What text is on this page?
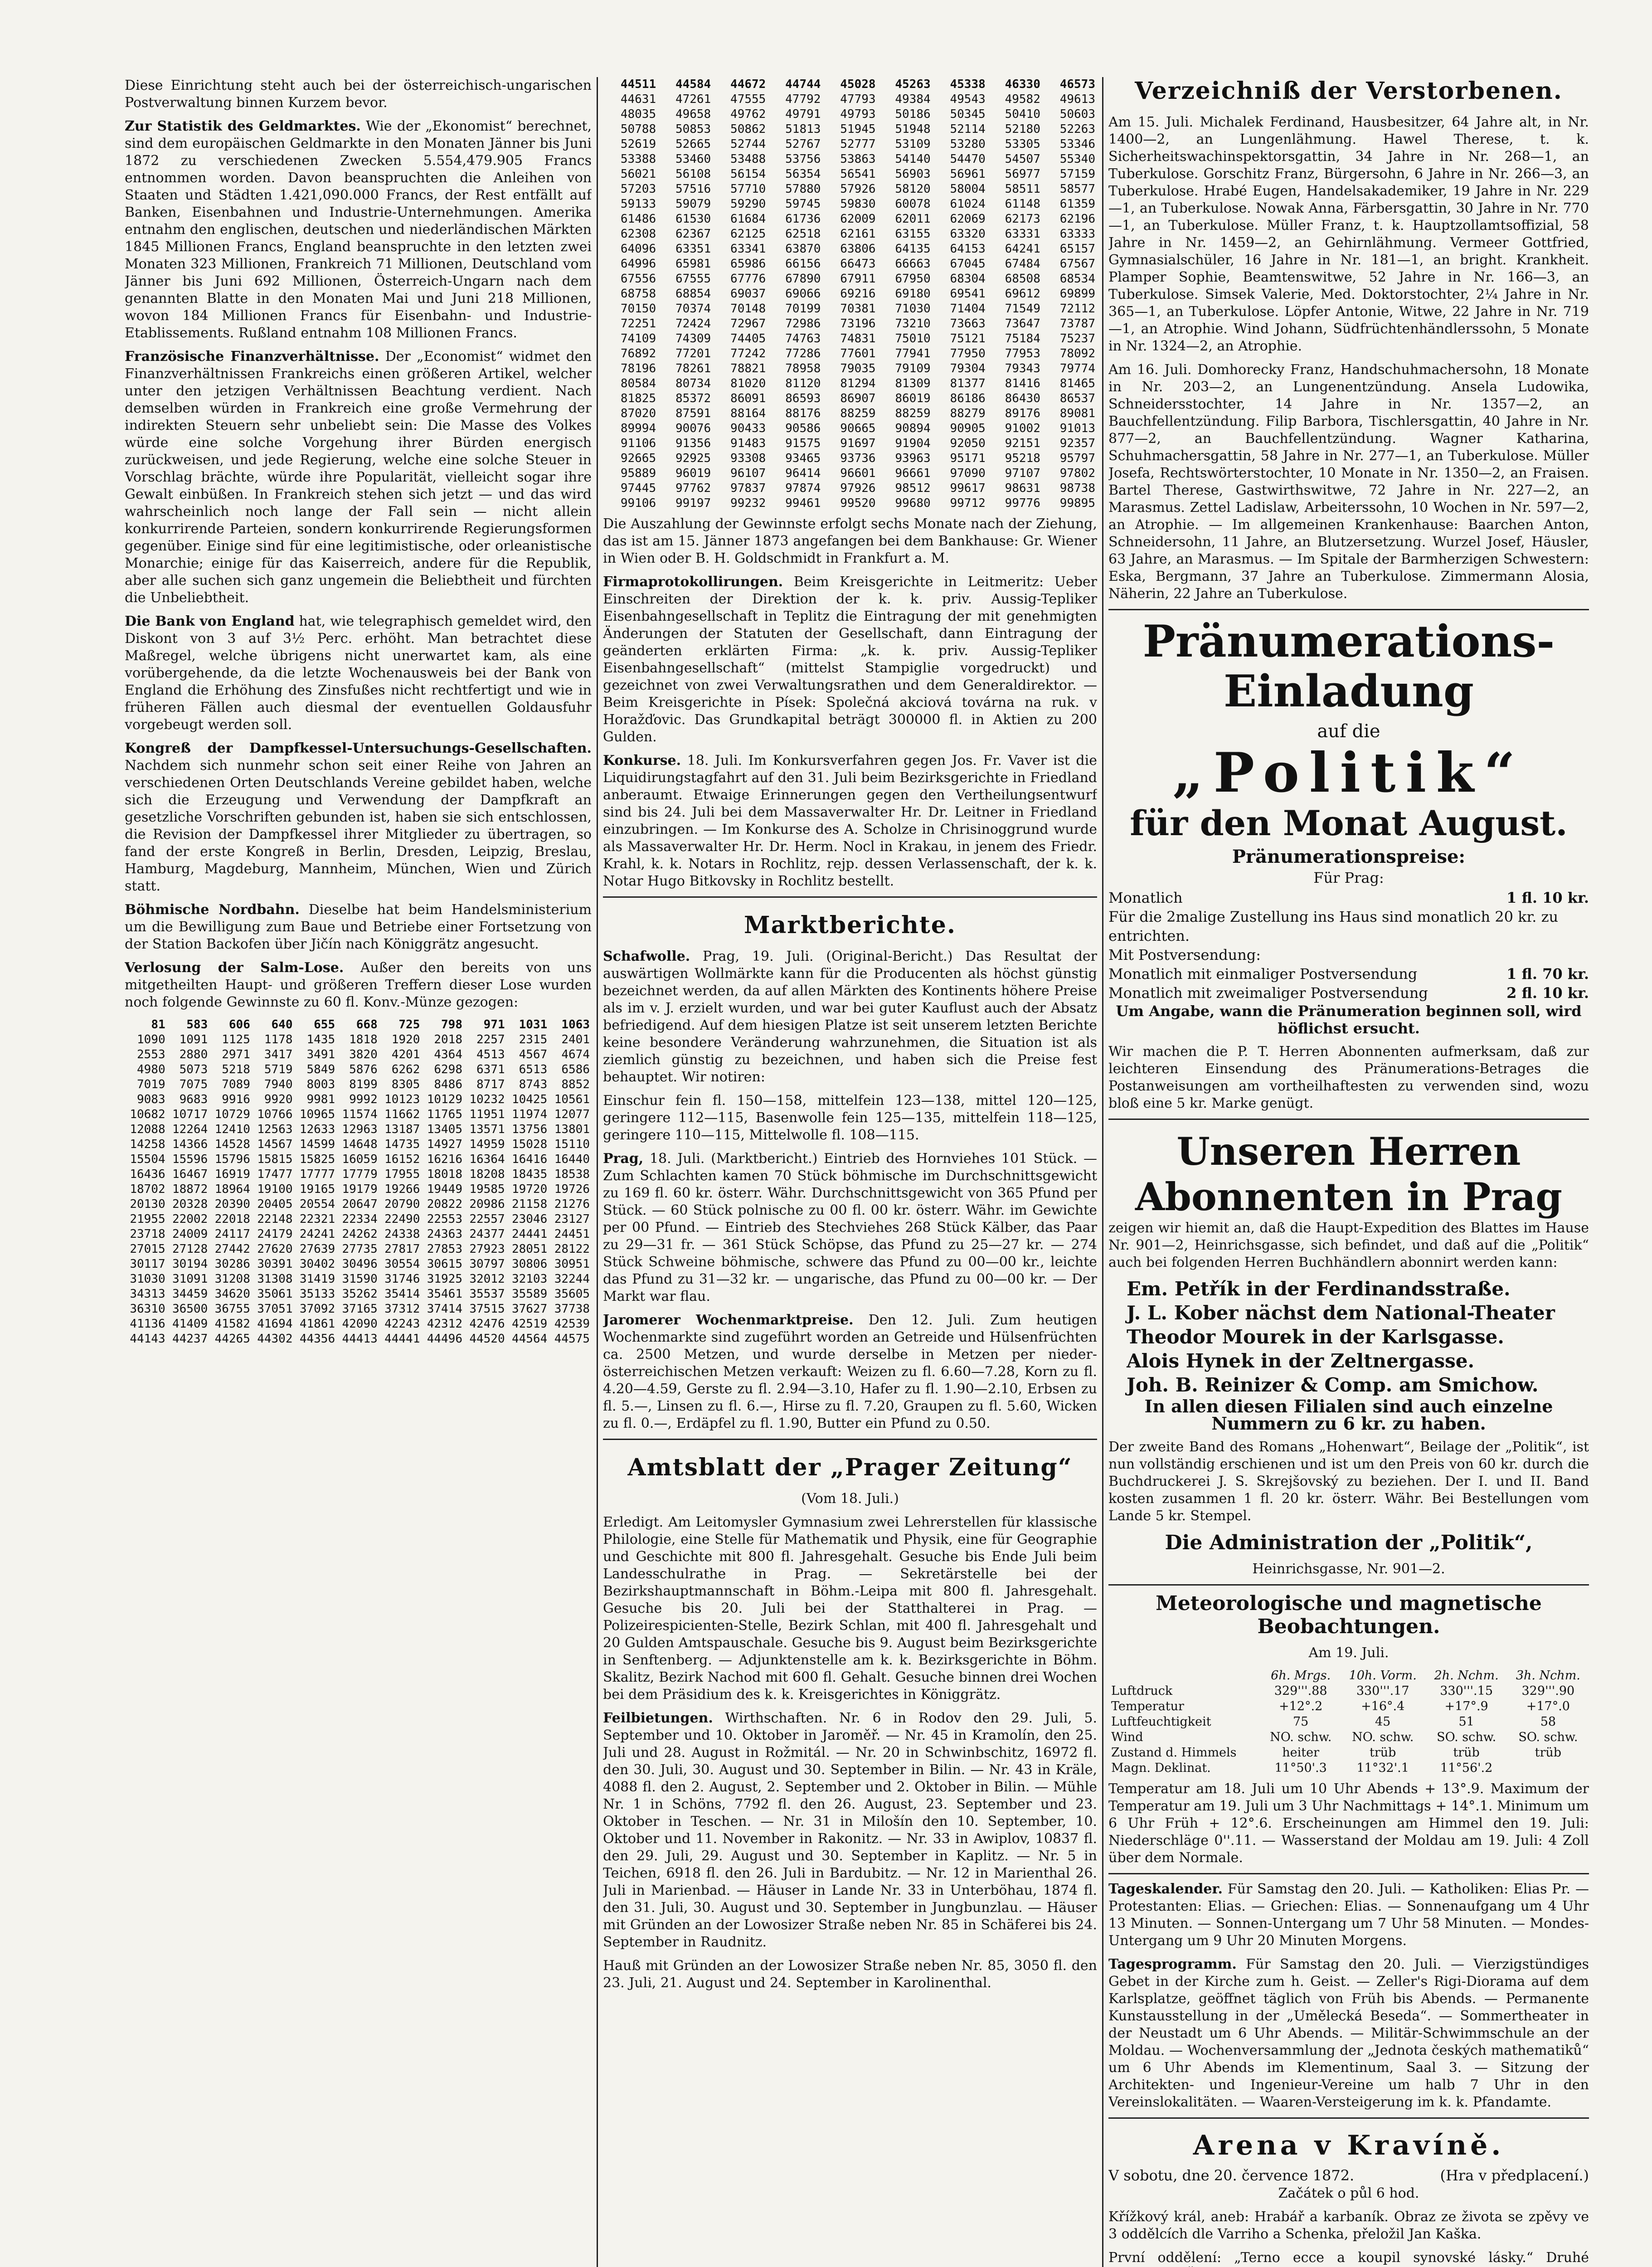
Diese Einrichtung steht auch bei der österreichisch-ungarischen Postverwaltung binnen Kurzem bevor.

Zur Statistik des Geldmarktes. Wie der „Ekonomist“ berechnet, sind dem europäischen Geldmarkte in den Monaten Jänner bis Juni 1872 zu verschiedenen Zwecken 5.554,479.905 Francs entnommen worden. Davon beanspruchten die Anleihen von Staaten und Städten 1.421,090.000 Francs, der Rest entfällt auf Banken, Eisenbahnen und Industrie-Unternehmungen. Amerika entnahm den englischen, deutschen und niederländischen Märkten 1845 Millionen Francs, England beanspruchte in den letzten zwei Monaten 323 Millionen, Frankreich 71 Millionen, Deutschland vom Jänner bis Juni 692 Millionen, Österreich-Ungarn nach dem genannten Blatte in den Monaten Mai und Juni 218 Millionen, wovon 184 Millionen Francs für Eisenbahn- und Industrie-Etablissements. Rußland entnahm 108 Millionen Francs.

Französische Finanzverhältnisse. Der „Economist“ widmet den Finanzverhältnissen Frankreichs einen größeren Artikel, welcher unter den jetzigen Verhältnissen Beachtung verdient. Nach demselben würden in Frankreich eine große Vermehrung der indirekten Steuern sehr unbeliebt sein: Die Masse des Volkes würde eine solche Vorgehung ihrer Bürden energisch zurückweisen, und jede Regierung, welche eine solche Steuer in Vorschlag brächte, würde ihre Popularität, vielleicht sogar ihre Gewalt einbüßen. In Frankreich stehen sich jetzt — und das wird wahrscheinlich noch lange der Fall sein — nicht allein konkurrirende Parteien, sondern konkurrirende Regierungsformen gegenüber. Einige sind für eine legitimistische, oder orleanistische Monarchie; einige für das Kaiserreich, andere für die Republik, aber alle suchen sich ganz ungemein die Beliebtheit und fürchten die Unbeliebtheit.

Die Bank von England hat, wie telegraphisch gemeldet wird, den Diskont von 3 auf 3½ Perc. erhöht. Man betrachtet diese Maßregel, welche übrigens nicht unerwartet kam, als eine vorübergehende, da die letzte Wochenausweis bei der Bank von England die Erhöhung des Zinsfußes nicht rechtfertigt und wie in früheren Fällen auch diesmal der eventuellen Goldausfuhr vorgebeugt werden soll.

Kongreß der Dampfkessel-Untersuchungs-Gesellschaften. Nachdem sich nunmehr schon seit einer Reihe von Jahren an verschiedenen Orten Deutschlands Vereine gebildet haben, welche sich die Erzeugung und Verwendung der Dampfkraft an gesetzliche Vorschriften gebunden ist, haben sie sich entschlossen, die Revision der Dampfkessel ihrer Mitglieder zu übertragen, so fand der erste Kongreß in Berlin, Dresden, Leipzig, Breslau, Hamburg, Magdeburg, Mannheim, München, Wien und Zürich statt.

Böhmische Nordbahn. Dieselbe hat beim Handelsministerium um die Bewilligung zum Baue und Betriebe einer Fortsetzung von der Station Backofen über Jičín nach Königgrätz angesucht.

Verlosung der Salm-Lose. Außer den bereits von uns mitgetheilten Haupt- und größeren Treffern dieser Lose wurden noch folgende Gewinnste zu 60 fl. Konv.-Münze gezogen:

81	583	606	640	655	668	725	798	971	1031	1063
1090	1091	1125	1178	1435	1818	1920	2018	2257	2315	2401
2553	2880	2971	3417	3491	3820	4201	4364	4513	4567	4674
4980	5073	5218	5719	5849	5876	6262	6298	6371	6513	6586
7019	7075	7089	7940	8003	8199	8305	8486	8717	8743	8852
9083	9683	9916	9920	9981	9992	10123	10129	10232	10425	10561
10682	10717	10729	10766	10965	11574	11662	11765	11951	11974	12077
12088	12264	12410	12563	12633	12963	13187	13405	13571	13756	13801
14258	14366	14528	14567	14599	14648	14735	14927	14959	15028	15110
15504	15596	15796	15815	15825	16059	16152	16216	16364	16416	16440
16436	16467	16919	17477	17777	17779	17955	18018	18208	18435	18538
18702	18872	18964	19100	19165	19179	19266	19449	19585	19720	19726
20130	20328	20390	20405	20554	20647	20790	20822	20986	21158	21276
21955	22002	22018	22148	22321	22334	22490	22553	22557	23046	23127
23718	24009	24117	24179	24241	24262	24338	24363	24377	24441	24451
27015	27128	27442	27620	27639	27735	27817	27853	27923	28051	28122
30117	30194	30286	30391	30402	30496	30554	30615	30797	30806	30951
31030	31091	31208	31308	31419	31590	31746	31925	32012	32103	32244
34313	34459	34620	35061	35133	35262	35414	35461	35537	35589	35605
36310	36500	36755	37051	37092	37165	37312	37414	37515	37627	37738
41136	41409	41582	41694	41861	42090	42243	42312	42476	42519	42539
44143	44237	44265	44302	44356	44413	44441	44496	44520	44564	44575
44511	44584	44672	44744	45028	45263	45338	46330	46573
44631	47261	47555	47792	47793	49384	49543	49582	49613
48035	49658	49762	49791	49793	50186	50345	50410	50603
50788	50853	50862	51813	51945	51948	52114	52180	52263
52619	52665	52744	52767	52777	53109	53280	53305	53346
53388	53460	53488	53756	53863	54140	54470	54507	55340
56021	56108	56154	56354	56541	56903	56961	56977	57159
57203	57516	57710	57880	57926	58120	58004	58511	58577
59133	59079	59290	59745	59830	60078	61024	61148	61359
61486	61530	61684	61736	62009	62011	62069	62173	62196
62308	62367	62125	62518	62161	63155	63320	63331	63333
64096	63351	63341	63870	63806	64135	64153	64241	65157
64996	65981	65986	66156	66473	66663	67045	67484	67567
67556	67555	67776	67890	67911	67950	68304	68508	68534
68758	68854	69037	69066	69216	69180	69541	69612	69899
70150	70374	70148	70199	70381	71030	71404	71549	72112
72251	72424	72967	72986	73196	73210	73663	73647	73787
74109	74309	74405	74763	74831	75010	75121	75184	75237
76892	77201	77242	77286	77601	77941	77950	77953	78092
78196	78261	78821	78958	79035	79109	79304	79343	79774
80584	80734	81020	81120	81294	81309	81377	81416	81465
81825	85372	86091	86593	86907	86019	86186	86430	86537
87020	87591	88164	88176	88259	88259	88279	89176	89081
89994	90076	90433	90586	90665	90894	90905	91002	91013
91106	91356	91483	91575	91697	91904	92050	92151	92357
92665	92925	93308	93465	93736	93963	95171	95218	95797
95889	96019	96107	96414	96601	96661	97090	97107	97802
97445	97762	97837	97874	97926	98512	99617	98631	98738
99106	99197	99232	99461	99520	99680	99712	99776	99895

Die Auszahlung der Gewinnste erfolgt sechs Monate nach der Ziehung, das ist am 15. Jänner 1873 angefangen bei dem Bankhause: Gr. Wiener in Wien oder B. H. Goldschmidt in Frankfurt a. M.

Firmaprotokollirungen. Beim Kreisgerichte in Leitmeritz: Ueber Einschreiten der Direktion der k. k. priv. Aussig-Tepliker Eisenbahngesellschaft in Teplitz die Eintragung der mit genehmigten Änderungen der Statuten der Gesellschaft, dann Eintragung der geänderten erklärten Firma: „k. k. priv. Aussig-Tepliker Eisenbahngesellschaft“ (mittelst Stampiglie vorgedruckt) und gezeichnet von zwei Verwaltungsrathen und dem Generaldirektor. — Beim Kreisgerichte in Písek: Společná akciová továrna na ruk. v Horažďovic. Das Grundkapital beträgt 300000 fl. in Aktien zu 200 Gulden.

Konkurse. 18. Juli. Im Konkursverfahren gegen Jos. Fr. Vaver ist die Liquidirungstagfahrt auf den 31. Juli beim Bezirksgerichte in Friedland anberaumt. Etwaige Erinnerungen gegen den Vertheilungsentwurf sind bis 24. Juli bei dem Massaverwalter Hr. Dr. Leitner in Friedland einzubringen. — Im Konkurse des A. Scholze in Chrisinoggrund wurde als Massaverwalter Hr. Dr. Herm. Nocl in Krakau, in jenem des Friedr. Krahl, k. k. Notars in Rochlitz, rejp. dessen Verlassenschaft, der k. k. Notar Hugo Bitkovsky in Rochlitz bestellt.

Marktberichte.

Schafwolle. Prag, 19. Juli. (Original-Bericht.) Das Resultat der auswärtigen Wollmärkte kann für die Producenten als höchst günstig bezeichnet werden, da auf allen Märkten des Kontinents höhere Preise als im v. J. erzielt wurden, und war bei guter Kauflust auch der Absatz befriedigend. Auf dem hiesigen Platze ist seit unserem letzten Berichte keine besondere Veränderung wahrzunehmen, die Situation ist als ziemlich günstig zu bezeichnen, und haben sich die Preise fest behauptet. Wir notiren:

Einschur fein fl. 150—158, mittelfein 123—138, mittel 120—125, geringere 112—115, Basenwolle fein 125—135, mittelfein 118—125, geringere 110—115, Mittelwolle fl. 108—115.

Prag, 18. Juli. (Marktbericht.) Eintrieb des Hornviehes 101 Stück. — Zum Schlachten kamen 70 Stück böhmische im Durchschnittsgewicht zu 169 fl. 60 kr. österr. Währ. Durchschnittsgewicht von 365 Pfund per Stück. — 60 Stück polnische zu 00 fl. 00 kr. österr. Währ. im Gewichte per 00 Pfund. — Eintrieb des Stechviehes 268 Stück Kälber, das Paar zu 29—31 fr. — 361 Stück Schöpse, das Pfund zu 25—27 kr. — 274 Stück Schweine böhmische, schwere das Pfund zu 00—00 kr., leichte das Pfund zu 31—32 kr. — ungarische, das Pfund zu 00—00 kr. — Der Markt war flau.

Jaromerer Wochenmarktpreise. Den 12. Juli. Zum heutigen Wochenmarkte sind zugeführt worden an Getreide und Hülsenfrüchten ca. 2500 Metzen, und wurde derselbe in Metzen per nieder-österreichischen Metzen verkauft: Weizen zu fl. 6.60—7.28, Korn zu fl. 4.20—4.59, Gerste zu fl. 2.94—3.10, Hafer zu fl. 1.90—2.10, Erbsen zu fl. 5.—, Linsen zu fl. 6.—, Hirse zu fl. 7.20, Graupen zu fl. 5.60, Wicken zu fl. 0.—, Erdäpfel zu fl. 1.90, Butter ein Pfund zu 0.50.

Amtsblatt der „Prager Zeitung“

(Vom 18. Juli.)

Erledigt. Am Leitomysler Gymnasium zwei Lehrerstellen für klassische Philologie, eine Stelle für Mathematik und Physik, eine für Geographie und Geschichte mit 800 fl. Jahresgehalt. Gesuche bis Ende Juli beim Landesschulrathe in Prag. — Sekretärstelle bei der Bezirkshauptmannschaft in Böhm.-Leipa mit 800 fl. Jahresgehalt. Gesuche bis 20. Juli bei der Statthalterei in Prag. — Polizeirespicienten-Stelle, Bezirk Schlan, mit 400 fl. Jahresgehalt und 20 Gulden Amtspauschale. Gesuche bis 9. August beim Bezirksgerichte in Senftenberg. — Adjunktenstelle am k. k. Bezirksgerichte in Böhm. Skalitz, Bezirk Nachod mit 600 fl. Gehalt. Gesuche binnen drei Wochen bei dem Präsidium des k. k. Kreisgerichtes in Königgrätz.

Feilbietungen. Wirthschaften. Nr. 6 in Rodov den 29. Juli, 5. September und 10. Oktober in Jaroměř. — Nr. 45 in Kramolín, den 25. Juli und 28. August in Rožmitál. — Nr. 20 in Schwinbschitz, 16972 fl. den 30. Juli, 30. August und 30. September in Bilin. — Nr. 43 in Kräle, 4088 fl. den 2. August, 2. September und 2. Oktober in Bilin. — Mühle Nr. 1 in Schöns, 7792 fl. den 26. August, 23. September und 23. Oktober in Teschen. — Nr. 31 in Milošín den 10. September, 10. Oktober und 11. November in Rakonitz. — Nr. 33 in Awiplov, 10837 fl. den 29. Juli, 29. August und 30. September in Kaplitz. — Nr. 5 in Teichen, 6918 fl. den 26. Juli in Bardubitz. — Nr. 12 in Marienthal 26. Juli in Marienbad. — Häuser in Lande Nr. 33 in Unterböhau, 1874 fl. den 31. Juli, 30. August und 30. September in Jungbunzlau. — Häuser mit Gründen an der Lowosizer Straße neben Nr. 85 in Schäferei bis 24. September in Raudnitz.

Hauß mit Gründen an der Lowosizer Straße neben Nr. 85, 3050 fl. den 23. Juli, 21. August und 24. September in Karolinenthal.

Verzeichniß der Verstorbenen.

Am 15. Juli. Michalek Ferdinand, Hausbesitzer, 64 Jahre alt, in Nr. 1400—2, an Lungenlähmung. Hawel Therese, t. k. Sicherheitswachinspektorsgattin, 34 Jahre in Nr. 268—1, an Tuberkulose. Gorschitz Franz, Bürgersohn, 6 Jahre in Nr. 266—3, an Tuberkulose. Hrabé Eugen, Handelsakademiker, 19 Jahre in Nr. 229—1, an Tuberkulose. Nowak Anna, Färbersgattin, 30 Jahre in Nr. 770—1, an Tuberkulose. Müller Franz, t. k. Hauptzollamtsoffizial, 58 Jahre in Nr. 1459—2, an Gehirnlähmung. Vermeer Gottfried, Gymnasialschüler, 16 Jahre in Nr. 181—1, an bright. Krankheit. Plamper Sophie, Beamtenswitwe, 52 Jahre in Nr. 166—3, an Tuberkulose. Simsek Valerie, Med. Doktorstochter, 2¼ Jahre in Nr. 365—1, an Tuberkulose. Löpfer Antonie, Witwe, 22 Jahre in Nr. 719—1, an Atrophie. Wind Johann, Südfrüchtenhändlerssohn, 5 Monate in Nr. 1324—2, an Atrophie.

Am 16. Juli. Domhorecky Franz, Handschuhmachersohn, 18 Monate in Nr. 203—2, an Lungenentzündung. Ansela Ludowika, Schneidersstochter, 14 Jahre in Nr. 1357—2, an Bauchfellentzündung. Filip Barbora, Tischlersgattin, 40 Jahre in Nr. 877—2, an Bauchfellentzündung. Wagner Katharina, Schuhmachersgattin, 58 Jahre in Nr. 277—1, an Tuberkulose. Müller Josefa, Rechtswörterstochter, 10 Monate in Nr. 1350—2, an Fraisen. Bartel Therese, Gastwirthswitwe, 72 Jahre in Nr. 227—2, an Marasmus. Zettel Ladislaw, Arbeiterssohn, 10 Wochen in Nr. 597—2, an Atrophie. — Im allgemeinen Krankenhause: Baarchen Anton, Schneidersohn, 11 Jahre, an Blutzersetzung. Wurzel Josef, Häusler, 63 Jahre, an Marasmus. — Im Spitale der Barmherzigen Schwestern: Eska, Bergmann, 37 Jahre an Tuberkulose. Zimmermann Alosia, Näherin, 22 Jahre an Tuberkulose.

Pränumerations-Einladung
auf die
„Politik“
für den Monat August.
Pränumerationspreise:
Für Prag:
Monatlich	1 fl. 10 kr.
Für die 2malige Zustellung ins Haus sind monatlich 20 kr. zu entrichten.
Mit Postversendung:
Monatlich mit einmaliger Postversendung	1 fl. 70 kr.
Monatlich mit zweimaliger Postversendung	2 fl. 10 kr.

Um Angabe, wann die Pränumeration beginnen soll, wird höflichst ersucht.

Wir machen die P. T. Herren Abonnenten aufmerksam, daß zur leichteren Einsendung des Pränumerations-Betrages die Postanweisungen am vortheilhaftesten zu verwenden sind, wozu bloß eine 5 kr. Marke genügt.

Unseren Herren Abonnenten in Prag

zeigen wir hiemit an, daß die Haupt-Expedition des Blattes im Hause Nr. 901—2, Heinrichsgasse, sich befindet, und daß auf die „Politik“ auch bei folgenden Herren Buchhändlern abonnirt werden kann:

Em. Petřík in der Ferdinandsstraße.
J. L. Kober nächst dem National-Theater
Theodor Mourek in der Karlsgasse.
Alois Hynek in der Zeltnergasse.
Joh. B. Reinizer & Comp. am Smichow.

In allen diesen Filialen sind auch einzelne Nummern zu 6 kr. zu haben.

Der zweite Band des Romans „Hohenwart“, Beilage der „Politik“, ist nun vollständig erschienen und ist um den Preis von 60 kr. durch die Buchdruckerei J. S. Skrejšovský zu beziehen. Der I. und II. Band kosten zusammen 1 fl. 20 kr. österr. Währ. Bei Bestellungen vom Lande 5 kr. Stempel.

Die Administration der „Politik“,

Heinrichsgasse, Nr. 901—2.

Meteorologische und magnetische Beobachtungen.

Am 19. Juli.

	6h. Mrgs.	10h. Vorm.	2h. Nchm.	3h. Nchm.
Luftdruck	329'''.88	330'''.17	330'''.15	329'''.90
Temperatur	+12°.2	+16°.4	+17°.9	+17°.0
Luftfeuchtigkeit	75	45	51	58
Wind	NO. schw.	NO. schw.	SO. schw.	SO. schw.
Zustand d. Himmels	heiter	trüb	trüb	trüb
Magn. Deklinat.	11°50'.3	11°32'.1	11°56'.2	

Temperatur am 18. Juli um 10 Uhr Abends + 13°.9. Maximum der Temperatur am 19. Juli um 3 Uhr Nachmittags + 14°.1. Minimum um 6 Uhr Früh + 12°.6. Erscheinungen am Himmel den 19. Juli: Niederschläge 0''.11. — Wasserstand der Moldau am 19. Juli: 4 Zoll über dem Normale.

Tageskalender. Für Samstag den 20. Juli. — Katholiken: Elias Pr. — Protestanten: Elias. — Griechen: Elias. — Sonnenaufgang um 4 Uhr 13 Minuten. — Sonnen-Untergang um 7 Uhr 58 Minuten. — Mondes-Untergang um 9 Uhr 20 Minuten Morgens.

Tagesprogramm. Für Samstag den 20. Juli. — Vierzigstündiges Gebet in der Kirche zum h. Geist. — Zeller's Rigi-Diorama auf dem Karlsplatze, geöffnet täglich von Früh bis Abends. — Permanente Kunstausstellung in der „Umělecká Beseda“. — Sommertheater in der Neustadt um 6 Uhr Abends. — Militär-Schwimmschule an der Moldau. — Wochenversammlung der „Jednota českých mathematiků“ um 6 Uhr Abends im Klementinum, Saal 3. — Sitzung der Architekten- und Ingenieur-Vereine um halb 7 Uhr in den Vereinslokalitäten. — Waaren-Versteigerung im k. k. Pfandamte.

Arena v Kravíně.
V sobotu, dne 20. července 1872.	(Hra v předplacení.)

Začátek o půl 6 hod.

Křížkový král, aneb: Hrabář a karbaník. Obraz ze života se zpěvy ve 3 oddělcích dle Varriho a Schenka, přeložil Jan Kaška.

První oddělení: „Terno ecce a koupil synovské lásky.“ Druhé
